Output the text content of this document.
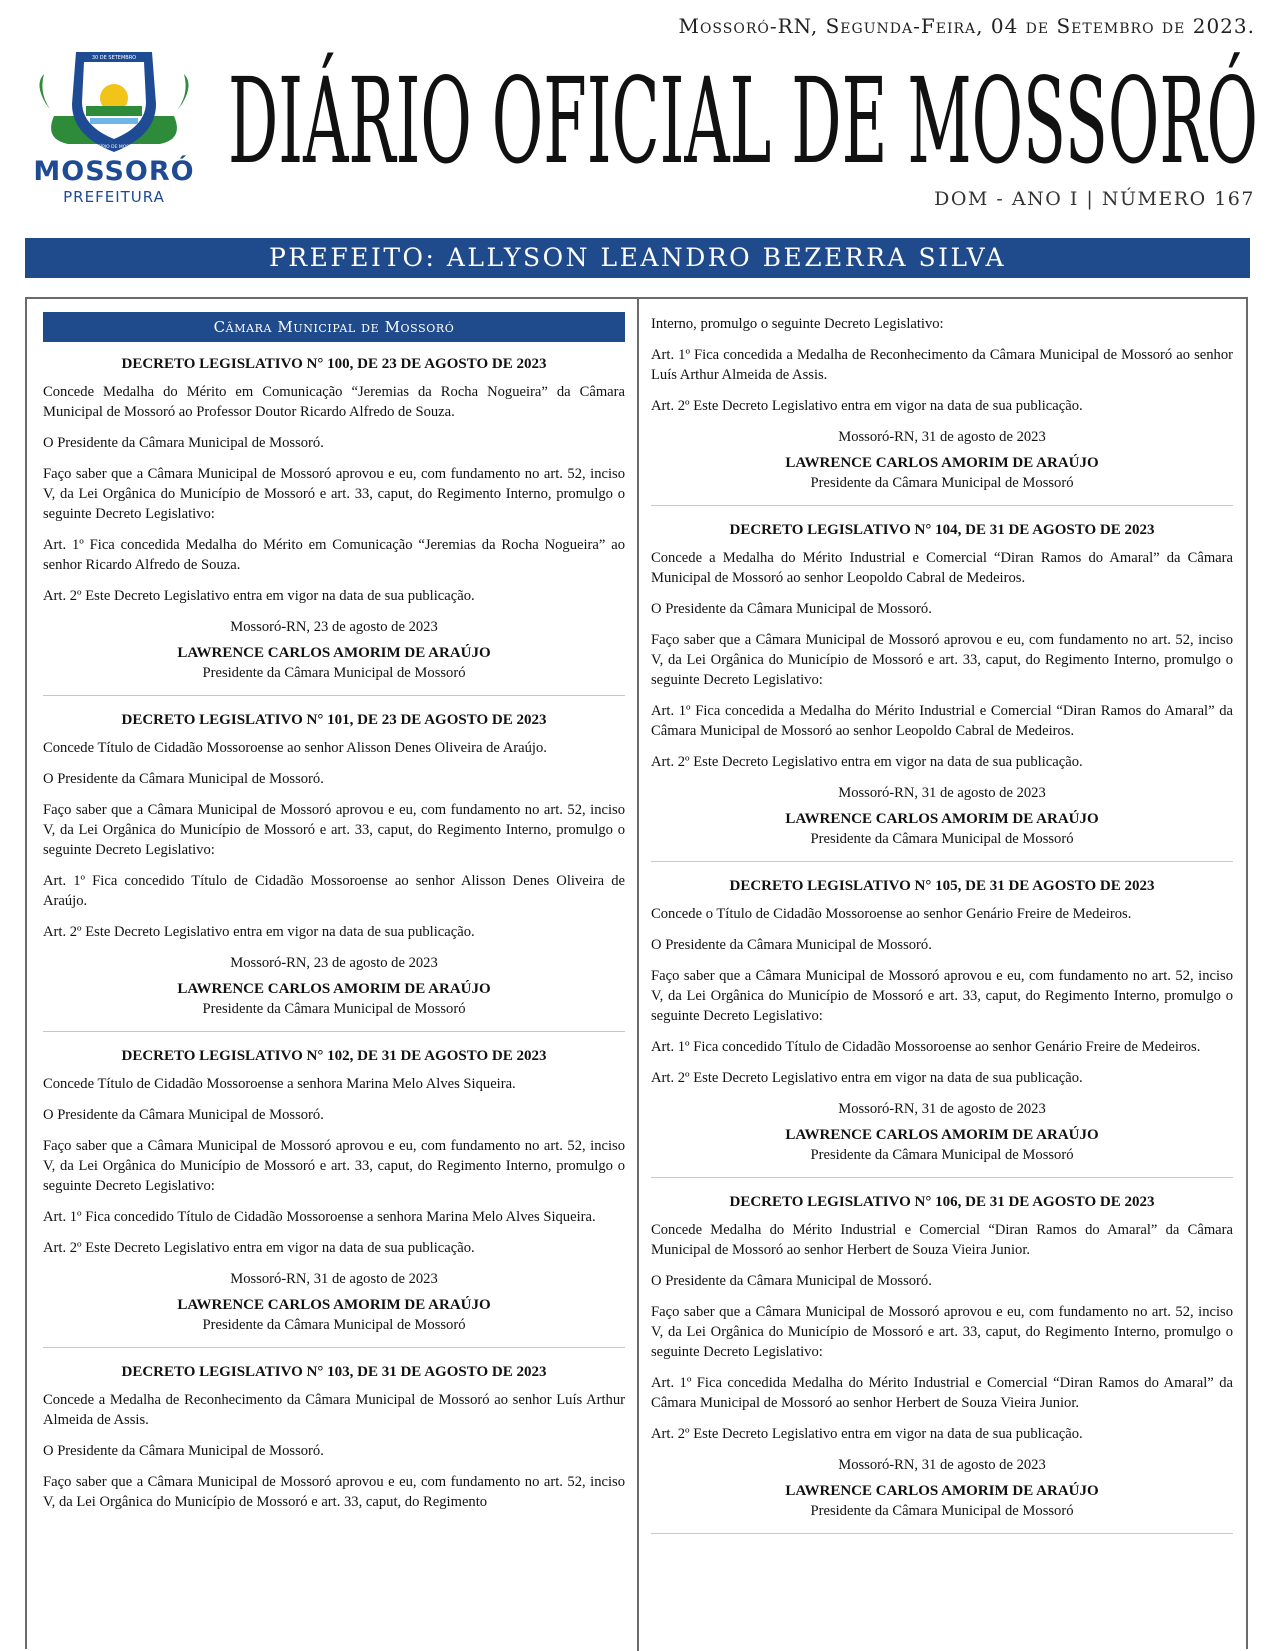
Mossoró-RN, Segunda-Feira, 04 de Setembro de 2023.
30 DE SETEMBRO
MUNICÍPIO DE MOSSORÓ
MOSSORÓ
PREFEITURA
DIÁRIO OFICIAL DE MOSSORÓ
DOM - ANO I | NÚMERO 167
PREFEITO: ALLYSON LEANDRO BEZERRA SILVA
Câmara Municipal de Mossoró

DECRETO LEGISLATIVO N° 100, DE 23 DE AGOSTO DE 2023

Concede Medalha do Mérito em Comunicação “Jeremias da Rocha Nogueira” da Câmara Municipal de Mossoró ao Professor Doutor Ricardo Alfredo de Souza.

O Presidente da Câmara Municipal de Mossoró.

Faço saber que a Câmara Municipal de Mossoró aprovou e eu, com fundamento no art. 52, inciso V, da Lei Orgânica do Município de Mossoró e art. 33, caput, do Regimento Interno, promulgo o seguinte Decreto Legislativo:

Art. 1º Fica concedida Medalha do Mérito em Comunicação “Jeremias da Rocha Nogueira” ao senhor Ricardo Alfredo de Souza.

Art. 2º Este Decreto Legislativo entra em vigor na data de sua publicação.

Mossoró-RN, 23 de agosto de 2023

LAWRENCE CARLOS AMORIM DE ARAÚJO

Presidente da Câmara Municipal de Mossoró

DECRETO LEGISLATIVO N° 101, DE 23 DE AGOSTO DE 2023

Concede Título de Cidadão Mossoroense ao senhor Alisson Denes Oliveira de Araújo.

O Presidente da Câmara Municipal de Mossoró.

Faço saber que a Câmara Municipal de Mossoró aprovou e eu, com fundamento no art. 52, inciso V, da Lei Orgânica do Município de Mossoró e art. 33, caput, do Regimento Interno, promulgo o seguinte Decreto Legislativo:

Art. 1º Fica concedido Título de Cidadão Mossoroense ao senhor Alisson Denes Oliveira de Araújo.

Art. 2º Este Decreto Legislativo entra em vigor na data de sua publicação.

Mossoró-RN, 23 de agosto de 2023

LAWRENCE CARLOS AMORIM DE ARAÚJO

Presidente da Câmara Municipal de Mossoró

DECRETO LEGISLATIVO N° 102, DE 31 DE AGOSTO DE 2023

Concede Título de Cidadão Mossoroense a senhora Marina Melo Alves Siqueira.

O Presidente da Câmara Municipal de Mossoró.

Faço saber que a Câmara Municipal de Mossoró aprovou e eu, com fundamento no art. 52, inciso V, da Lei Orgânica do Município de Mossoró e art. 33, caput, do Regimento Interno, promulgo o seguinte Decreto Legislativo:

Art. 1º Fica concedido Título de Cidadão Mossoroense a senhora Marina Melo Alves Siqueira.

Art. 2º Este Decreto Legislativo entra em vigor na data de sua publicação.

Mossoró-RN, 31 de agosto de 2023

LAWRENCE CARLOS AMORIM DE ARAÚJO

Presidente da Câmara Municipal de Mossoró

DECRETO LEGISLATIVO N° 103, DE 31 DE AGOSTO DE 2023

Concede a Medalha de Reconhecimento da Câmara Municipal de Mossoró ao senhor Luís Arthur Almeida de Assis.

O Presidente da Câmara Municipal de Mossoró.

Faço saber que a Câmara Municipal de Mossoró aprovou e eu, com fundamento no art. 52, inciso V, da Lei Orgânica do Município de Mossoró e art. 33, caput, do Regimento

Interno, promulgo o seguinte Decreto Legislativo:

Art. 1º Fica concedida a Medalha de Reconhecimento da Câmara Municipal de Mossoró ao senhor Luís Arthur Almeida de Assis.

Art. 2º Este Decreto Legislativo entra em vigor na data de sua publicação.

Mossoró-RN, 31 de agosto de 2023

LAWRENCE CARLOS AMORIM DE ARAÚJO

Presidente da Câmara Municipal de Mossoró

DECRETO LEGISLATIVO N° 104, DE 31 DE AGOSTO DE 2023

Concede a Medalha do Mérito Industrial e Comercial “Diran Ramos do Amaral” da Câmara Municipal de Mossoró ao senhor Leopoldo Cabral de Medeiros.

O Presidente da Câmara Municipal de Mossoró.

Faço saber que a Câmara Municipal de Mossoró aprovou e eu, com fundamento no art. 52, inciso V, da Lei Orgânica do Município de Mossoró e art. 33, caput, do Regimento Interno, promulgo o seguinte Decreto Legislativo:

Art. 1º Fica concedida a Medalha do Mérito Industrial e Comercial “Diran Ramos do Amaral” da Câmara Municipal de Mossoró ao senhor Leopoldo Cabral de Medeiros.

Art. 2º Este Decreto Legislativo entra em vigor na data de sua publicação.

Mossoró-RN, 31 de agosto de 2023

LAWRENCE CARLOS AMORIM DE ARAÚJO

Presidente da Câmara Municipal de Mossoró

DECRETO LEGISLATIVO N° 105, DE 31 DE AGOSTO DE 2023

Concede o Título de Cidadão Mossoroense ao senhor Genário Freire de Medeiros.

O Presidente da Câmara Municipal de Mossoró.

Faço saber que a Câmara Municipal de Mossoró aprovou e eu, com fundamento no art. 52, inciso V, da Lei Orgânica do Município de Mossoró e art. 33, caput, do Regimento Interno, promulgo o seguinte Decreto Legislativo:

Art. 1º Fica concedido Título de Cidadão Mossoroense ao senhor Genário Freire de Medeiros.

Art. 2º Este Decreto Legislativo entra em vigor na data de sua publicação.

Mossoró-RN, 31 de agosto de 2023

LAWRENCE CARLOS AMORIM DE ARAÚJO

Presidente da Câmara Municipal de Mossoró

DECRETO LEGISLATIVO N° 106, DE 31 DE AGOSTO DE 2023

Concede Medalha do Mérito Industrial e Comercial “Diran Ramos do Amaral” da Câmara Municipal de Mossoró ao senhor Herbert de Souza Vieira Junior.

O Presidente da Câmara Municipal de Mossoró.

Faço saber que a Câmara Municipal de Mossoró aprovou e eu, com fundamento no art. 52, inciso V, da Lei Orgânica do Município de Mossoró e art. 33, caput, do Regimento Interno, promulgo o seguinte Decreto Legislativo:

Art. 1º Fica concedida Medalha do Mérito Industrial e Comercial “Diran Ramos do Amaral” da Câmara Municipal de Mossoró ao senhor Herbert de Souza Vieira Junior.

Art. 2º Este Decreto Legislativo entra em vigor na data de sua publicação.

Mossoró-RN, 31 de agosto de 2023

LAWRENCE CARLOS AMORIM DE ARAÚJO

Presidente da Câmara Municipal de Mossoró
